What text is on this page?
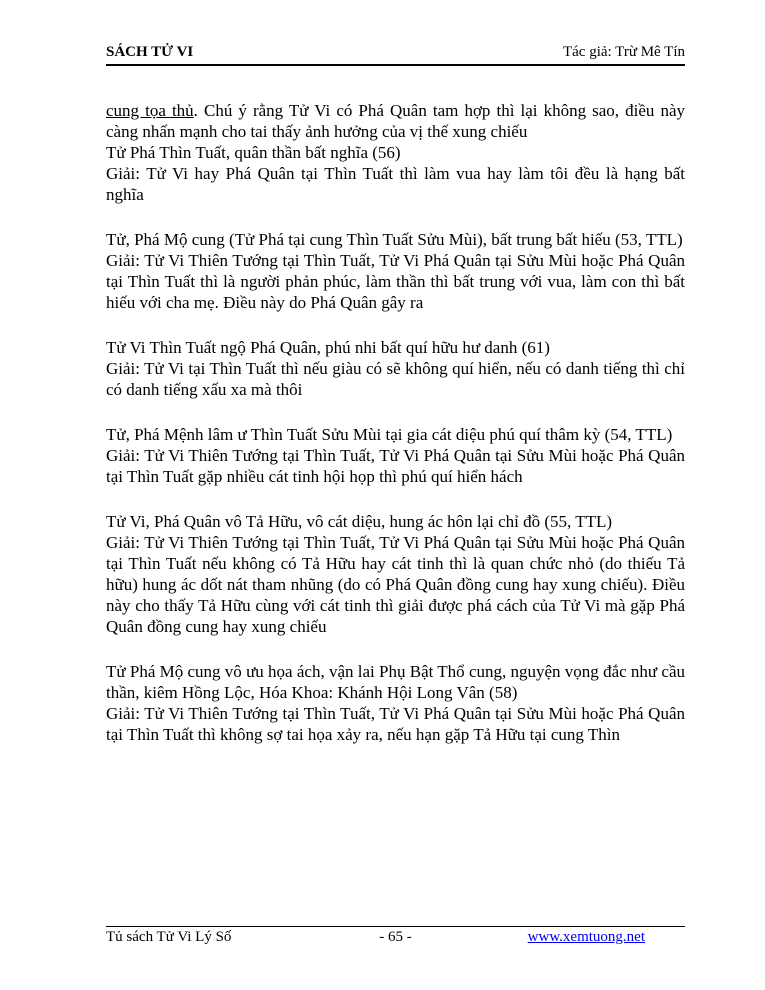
SÁCH TỬ VI	Tác giả: Trừ Mê Tín

cung tọa thủ. Chú ý rằng Tử Vi có Phá Quân tam hợp thì lại không sao, điều này càng nhấn mạnh cho tai thấy ảnh hưởng của vị thế xung chiếu

Tử Phá Thìn Tuất, quân thần bất nghĩa (56)

Giải: Tử Vi hay Phá Quân tại Thìn Tuất thì làm vua hay làm tôi đều là hạng bất nghĩa

Tử, Phá Mộ cung (Tử Phá tại cung Thìn Tuất Sửu Mùi), bất trung bất hiếu (53, TTL)

Giải: Tử Vi Thiên Tướng tại Thìn Tuất, Tử Vi Phá Quân tại Sửu Mùi hoặc Phá Quân tại Thìn Tuất thì là người phản phúc, làm thần thì bất trung với vua, làm con thì bất hiếu với cha mẹ. Điều này do Phá Quân gây ra

Tử Vi Thìn Tuất ngộ Phá Quân, phú nhi bất quí hữu hư danh (61)

Giải: Tử Vi tại Thìn Tuất thì nếu giàu có sẽ không quí hiển, nếu có danh tiếng thì chỉ có danh tiếng xấu xa mà thôi

Tử, Phá Mệnh lâm ư Thìn Tuất Sửu Mùi tại gia cát diệu phú quí thâm kỳ (54, TTL)

Giải: Tử Vi Thiên Tướng tại Thìn Tuất, Tử Vi Phá Quân tại Sửu Mùi hoặc Phá Quân tại Thìn Tuất gặp nhiều cát tinh hội họp thì phú quí hiển hách

Tử Vi, Phá Quân vô Tả Hữu, vô cát diệu, hung ác hôn lại chỉ đồ (55, TTL)

Giải: Tử Vi Thiên Tướng tại Thìn Tuất, Tử Vi Phá Quân tại Sửu Mùi hoặc Phá Quân tại Thìn Tuất nếu không có Tả Hữu hay cát tinh thì là quan chức nhỏ (do thiếu Tả hữu) hung ác dốt nát tham nhũng (do có Phá Quân đồng cung hay xung chiếu). Điều này cho thấy Tả Hữu cùng với cát tinh thì giải được phá cách của Tử Vi mà gặp Phá Quân đồng cung hay xung chiếu

Tử Phá Mộ cung vô ưu họa ách, vận lai Phụ Bật Thổ cung, nguyện vọng đắc như cầu thần, kiêm Hồng Lộc, Hóa Khoa: Khánh Hội Long Vân (58)

Giải: Tử Vi Thiên Tướng tại Thìn Tuất, Tử Vi Phá Quân tại Sửu Mùi hoặc Phá Quân tại Thìn Tuất thì không sợ tai họa xảy ra, nếu hạn gặp Tả Hữu tại cung Thìn

Tủ sách Tử Vi Lý Số	- 65 -	www.xemtuong.net
